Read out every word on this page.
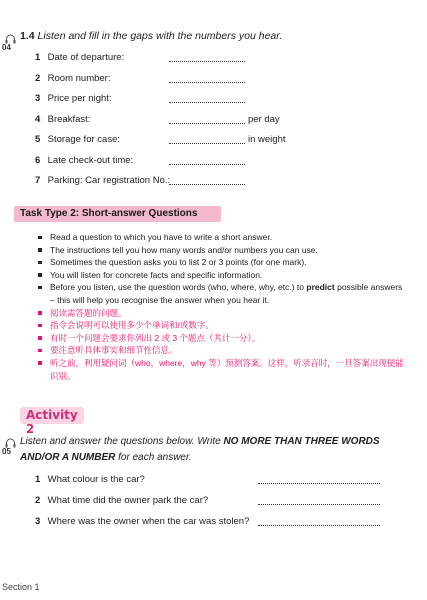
04
1.4 Listen and fill in the gaps with the numbers you hear.
1 Date of departure:
2 Room number:
3 Price per night:
4 Breakfast:	per day
5 Storage for case:	in weight
6 Late check-out time:
7 Parking: Car registration No.:
Task Type 2: Short-answer Questions
Read a question to which you have to write a short answer.
The instructions tell you how many words and/or numbers you can use.
Sometimes the question asks you to list 2 or 3 points (for one mark).
You will listen for concrete facts and specific information.
Before you listen, use the question words (who, where, why, etc.) to predict possible answers – this will help you recognise the answer when you hear it.
阅读需答题的问题。
指令会说明可以使用多少个单词和/或数字。
有时一个问题会要求你列出 2 或 3 个题点（共计一分）。
要注意听具体事实和细节性信息。
听之前，利用疑问词（who，where，why 等）预测答案。这样，听录音时，一旦答案出现便能识别。
Activity 2
05
Listen and answer the questions below. Write NO MORE THAN THREE WORDS AND/OR A NUMBER for each answer.
1 What colour is the car?
2 What time did the owner park the car?
3 Where was the owner when the car was stolen?
Section 1
